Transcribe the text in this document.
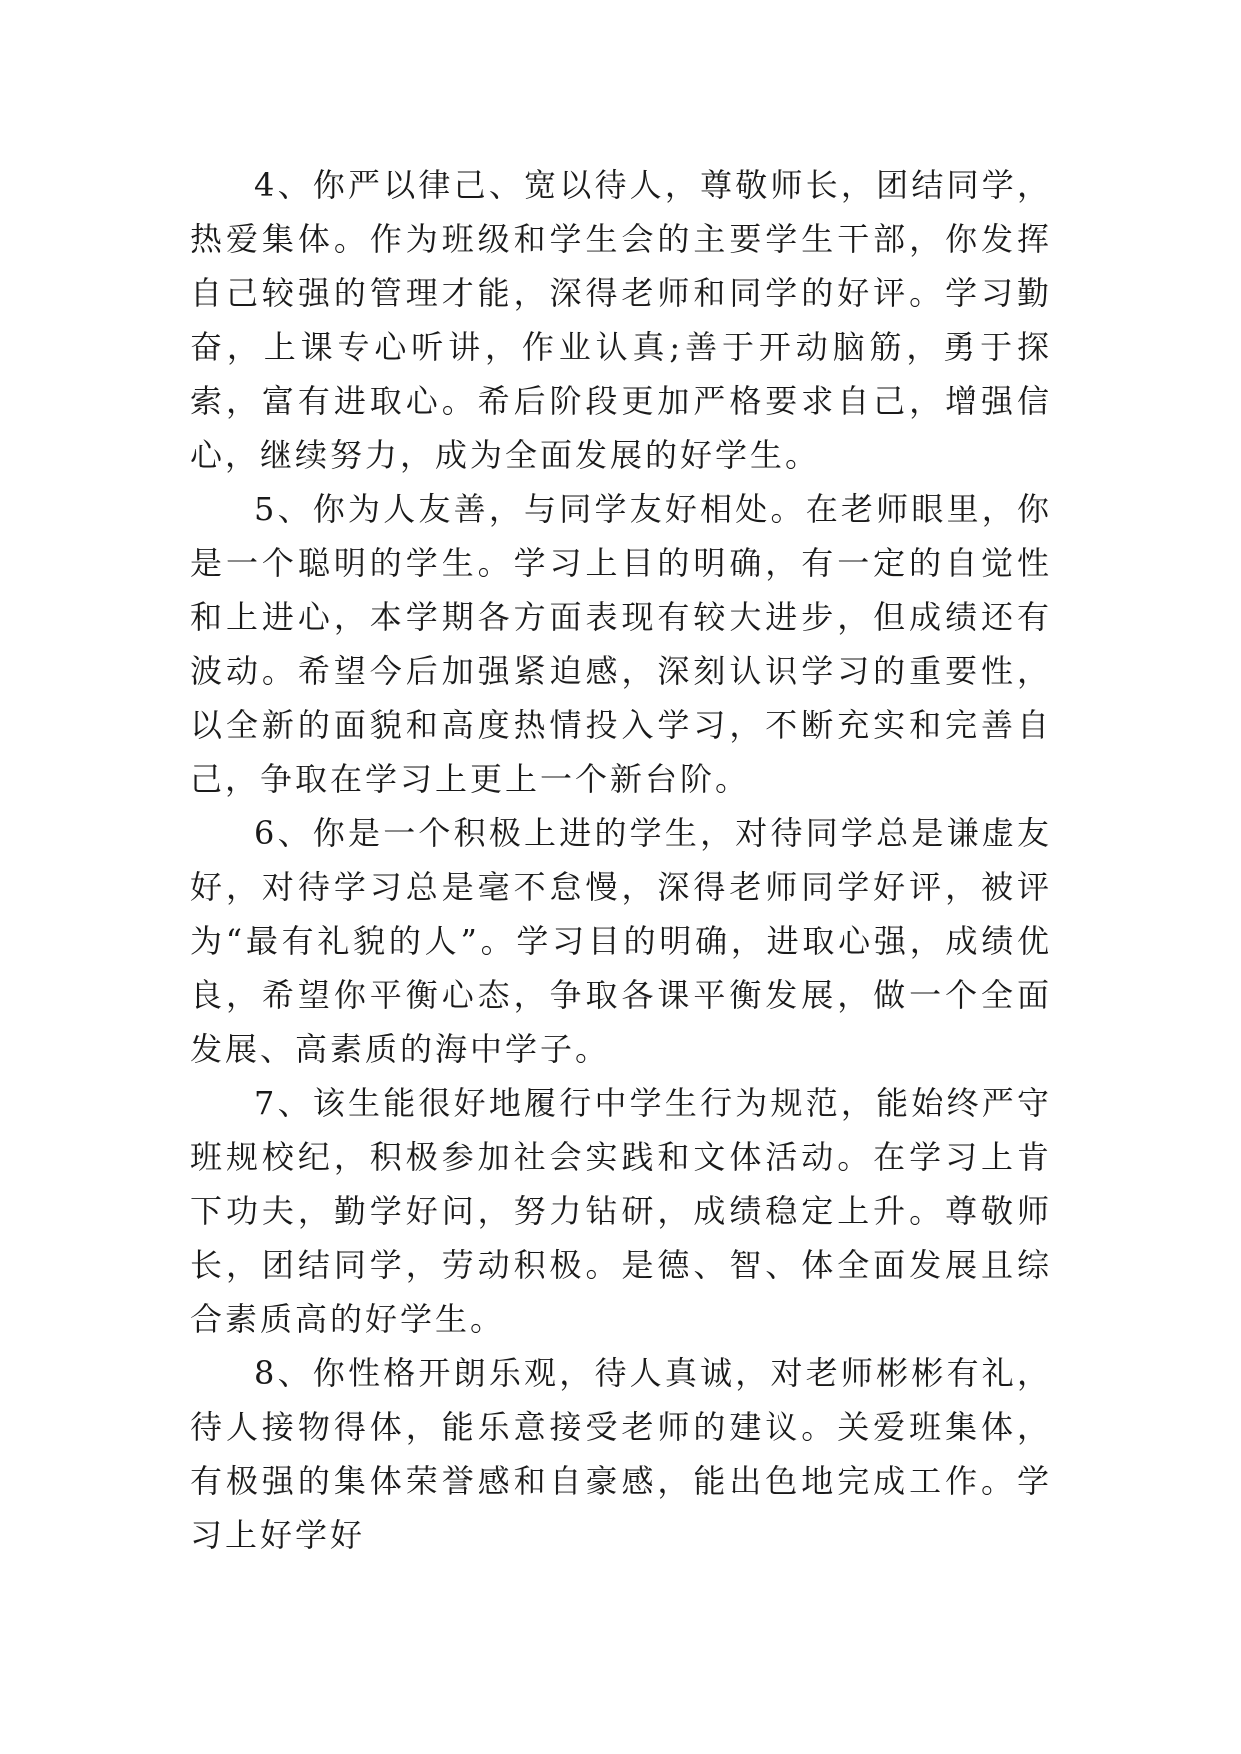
4、你严以律己、宽以待人，尊敬师长，团结同学，热爱集体。作为班级和学生会的主要学生干部，你发挥自己较强的管理才能，深得老师和同学的好评。学习勤奋，上课专心听讲，作业认真;善于开动脑筋，勇于探索，富有进取心。希后阶段更加严格要求自己，增强信心，继续努力，成为全面发展的好学生。

5、你为人友善，与同学友好相处。在老师眼里，你是一个聪明的学生。学习上目的明确，有一定的自觉性和上进心，本学期各方面表现有较大进步，但成绩还有波动。希望今后加强紧迫感，深刻认识学习的重要性，以全新的面貌和高度热情投入学习，不断充实和完善自己，争取在学习上更上一个新台阶。

6、你是一个积极上进的学生，对待同学总是谦虚友好，对待学习总是毫不怠慢，深得老师同学好评，被评为“最有礼貌的人”。学习目的明确，进取心强，成绩优良，希望你平衡心态，争取各课平衡发展，做一个全面发展、高素质的海中学子。

7、该生能很好地履行中学生行为规范，能始终严守班规校纪，积极参加社会实践和文体活动。在学习上肯下功夫，勤学好问，努力钻研，成绩稳定上升。尊敬师长，团结同学，劳动积极。是德、智、体全面发展且综合素质高的好学生。

8、你性格开朗乐观，待人真诚，对老师彬彬有礼，待人接物得体，能乐意接受老师的建议。关爱班集体，有极强的集体荣誉感和自豪感，能出色地完成工作。学习上好学好
